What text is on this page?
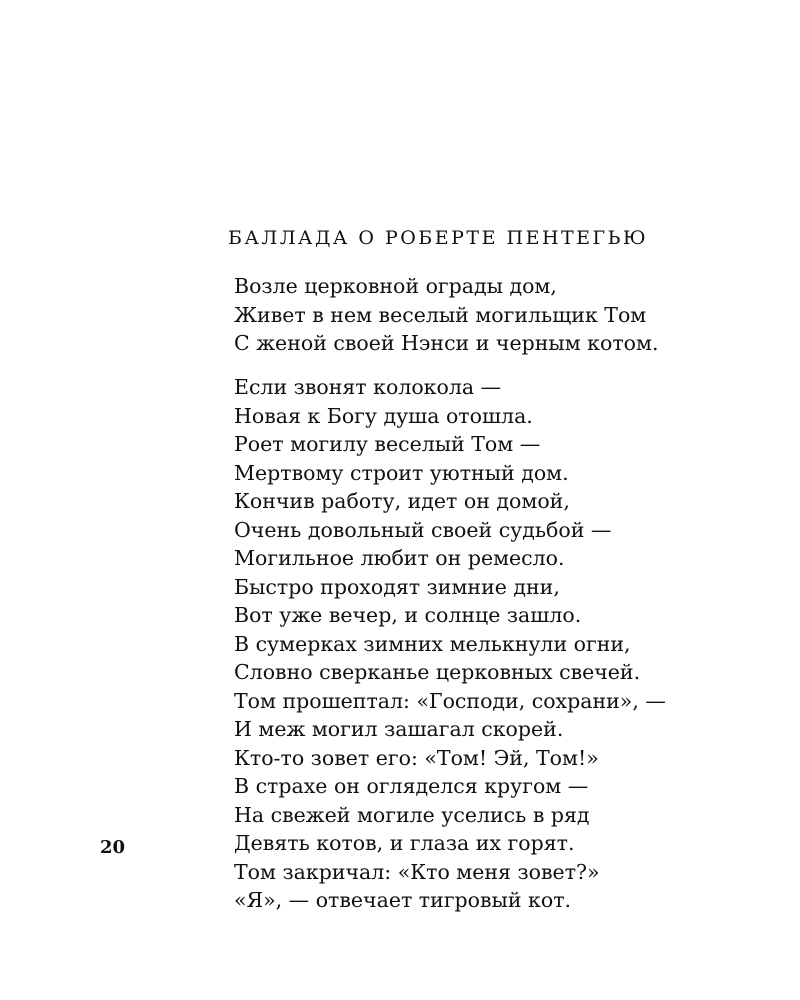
БАЛЛАДА О РОБЕРТЕ ПЕНТЕГЬЮ
Возле церковной ограды дом,
Живет в нем веселый могильщик Том
С женой своей Нэнси и черным котом.
Если звонят колокола —
Новая к Богу душа отошла.
Роет могилу веселый Том —
Мертвому строит уютный дом.
Кончив работу, идет он домой,
Очень довольный своей судьбой —
Могильное любит он ремесло.
Быстро проходят зимние дни,
Вот уже вечер, и солнце зашло.
В сумерках зимних мелькнули огни,
Словно сверканье церковных свечей.
Том прошептал: «Господи, сохрани», —
И меж могил зашагал скорей.
Кто-то зовет его: «Том! Эй, Том!»
В страхе он огляделся кругом —
На свежей могиле уселись в ряд
Девять котов, и глаза их горят.
Том закричал: «Кто меня зовет?»
«Я», — отвечает тигровый кот.
20
